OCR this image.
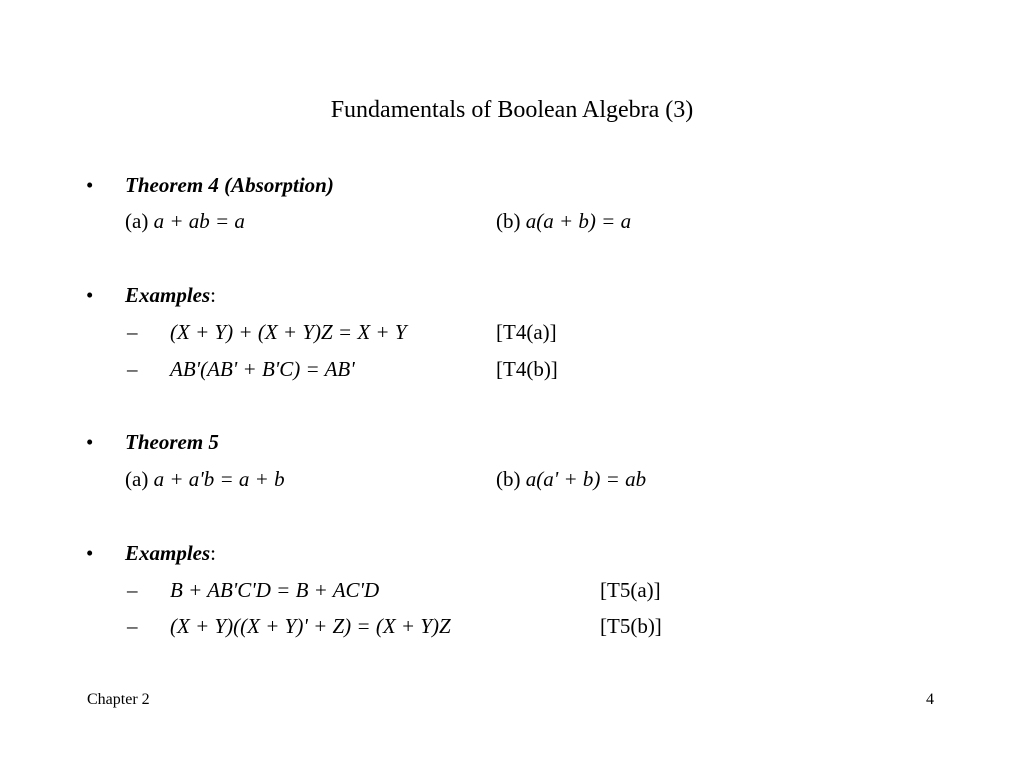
Fundamentals of Boolean Algebra (3)
• Theorem 4 (Absorption)
(a) a + ab = a	(b) a(a + b) = a
• Examples:
– (X + Y) + (X + Y)Z = X + Y	[T4(a)]
– AB'(AB' + B'C) = AB'	[T4(b)]
• Theorem 5
(a) a + a'b = a + b	(b) a(a' + b) = ab
• Examples:
– B + AB'C'D = B + AC'D	[T5(a)]
– (X + Y)((X + Y)' + Z) = (X + Y)Z	[T5(b)]
Chapter 2	4
